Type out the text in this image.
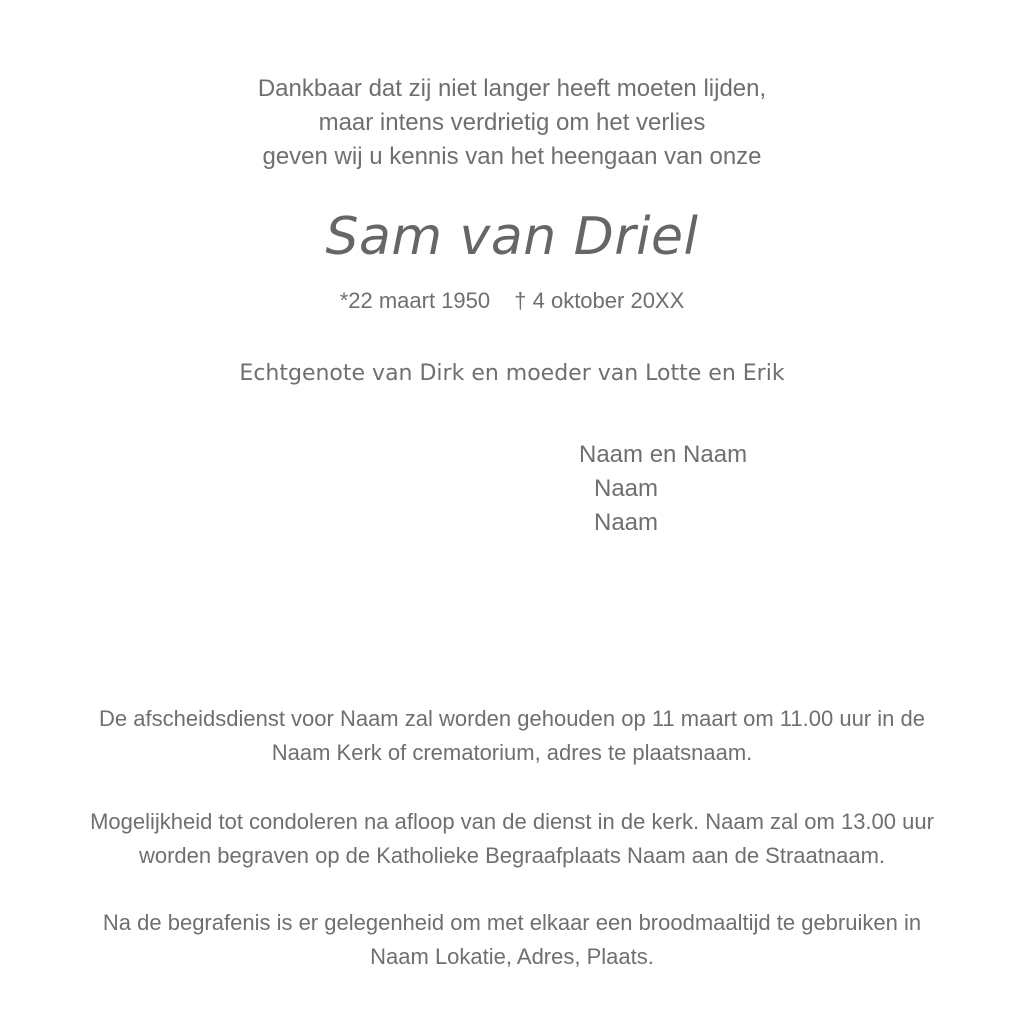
Dankbaar dat zij niet langer heeft moeten lijden,
maar intens verdrietig om het verlies
geven wij u kennis van het heengaan van onze
Sam van Driel
*22 maart 1950 † 4 oktober 20XX
Echtgenote van Dirk en moeder van Lotte en Erik
Naam en Naam
Naam
Naam
De afscheidsdienst voor Naam zal worden gehouden op 11 maart om 11.00 uur in de
Naam Kerk of crematorium, adres te plaatsnaam.
Mogelijkheid tot condoleren na afloop van de dienst in de kerk. Naam zal om 13.00 uur
worden begraven op de Katholieke Begraafplaats Naam aan de Straatnaam.
Na de begrafenis is er gelegenheid om met elkaar een broodmaaltijd te gebruiken in
Naam Lokatie, Adres, Plaats.
